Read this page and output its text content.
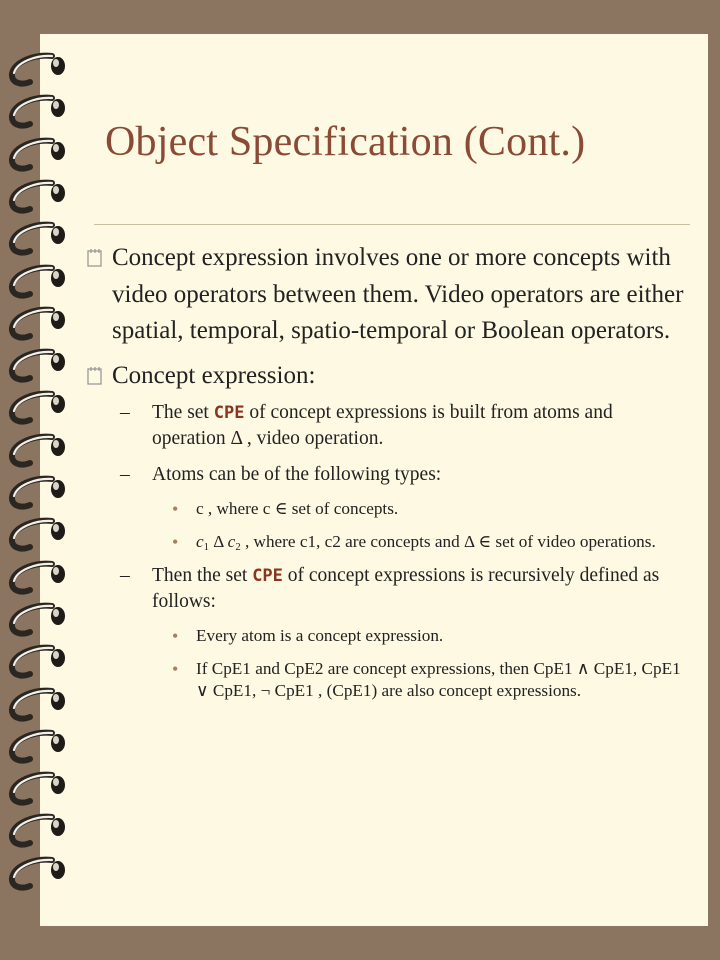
Object Specification (Cont.)
Concept expression involves one or more concepts with video operators between them. Video operators are either spatial, temporal, spatio-temporal or Boolean operators.
Concept expression:
–	The set CPE of concept expressions is built from atoms and operation Δ , video operation.
–	Atoms can be of the following types:
• c , where c ∈ set of concepts.
• $c_1$ Δ $c_2$ , where c1, c2 are concepts and Δ ∈ set of video operations.
–	Then the set CPE of concept expressions is recursively defined as follows:
• Every atom is a concept expression.
• If CpE1 and CpE2 are concept expressions, then CpE1 ∧ CpE1, CpE1 ∨ CpE1, ¬ CpE1 , (CpE1) are also concept expressions.
